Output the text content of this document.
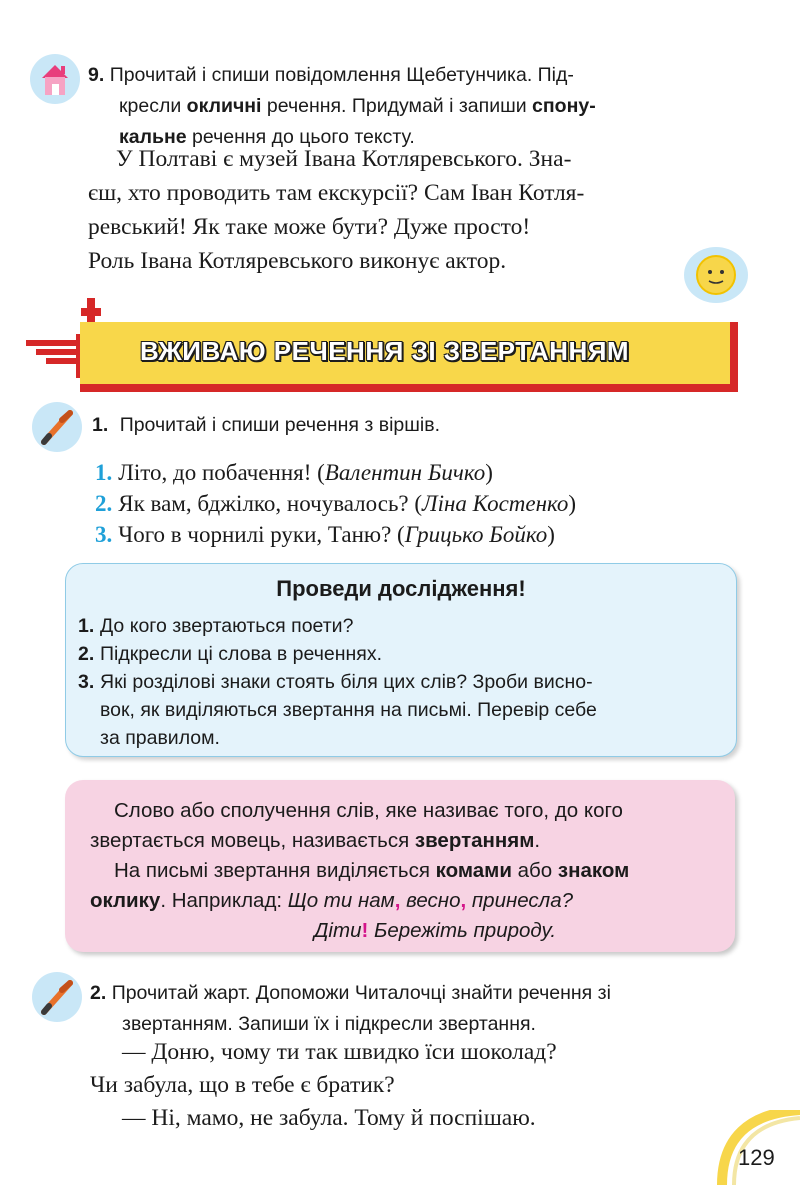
9. Прочитай і спиши повідомлення Щебетунчика. Під-
кресли окличні речення. Придумай і запиши спону-
кальне речення до цього тексту.
У Полтаві є музей Івана Котляревського. Зна-
єш, хто проводить там екскурсії? Сам Іван Котля-
ревський! Як таке може бути? Дуже просто!
Роль Івана Котляревського виконує актор.
ВЖИВАЮ РЕЧЕННЯ ЗІ ЗВЕРТАННЯМ
1. Прочитай і спиши речення з віршів.
1. Літо, до побачення! (Валентин Бичко)
2. Як вам, бджілко, ночувалось? (Ліна Костенко)
3. Чого в чорнилі руки, Таню? (Грицько Бойко)
Проведи дослідження!
1. До кого звертаються поети?
2. Підкресли ці слова в реченнях.
3. Які розділові знаки стоять біля цих слів? Зроби висно-
вок, як виділяються звертання на письмі. Перевір себе
за правилом.
Слово або сполучення слів, яке називає того, до кого
звертається мовець, називається звертанням.
На письмі звертання виділяється комами або знаком
оклику. Наприклад: Що ти нам, весно, принесла?
Діти! Бережіть природу.
2. Прочитай жарт. Допоможи Читалочці знайти речення зі
звертанням. Запиши їх і підкресли звертання.
— Доню, чому ти так швидко їси шоколад?
Чи забула, що в тебе є братик?
— Ні, мамо, не забула. Тому й поспішаю.
129
